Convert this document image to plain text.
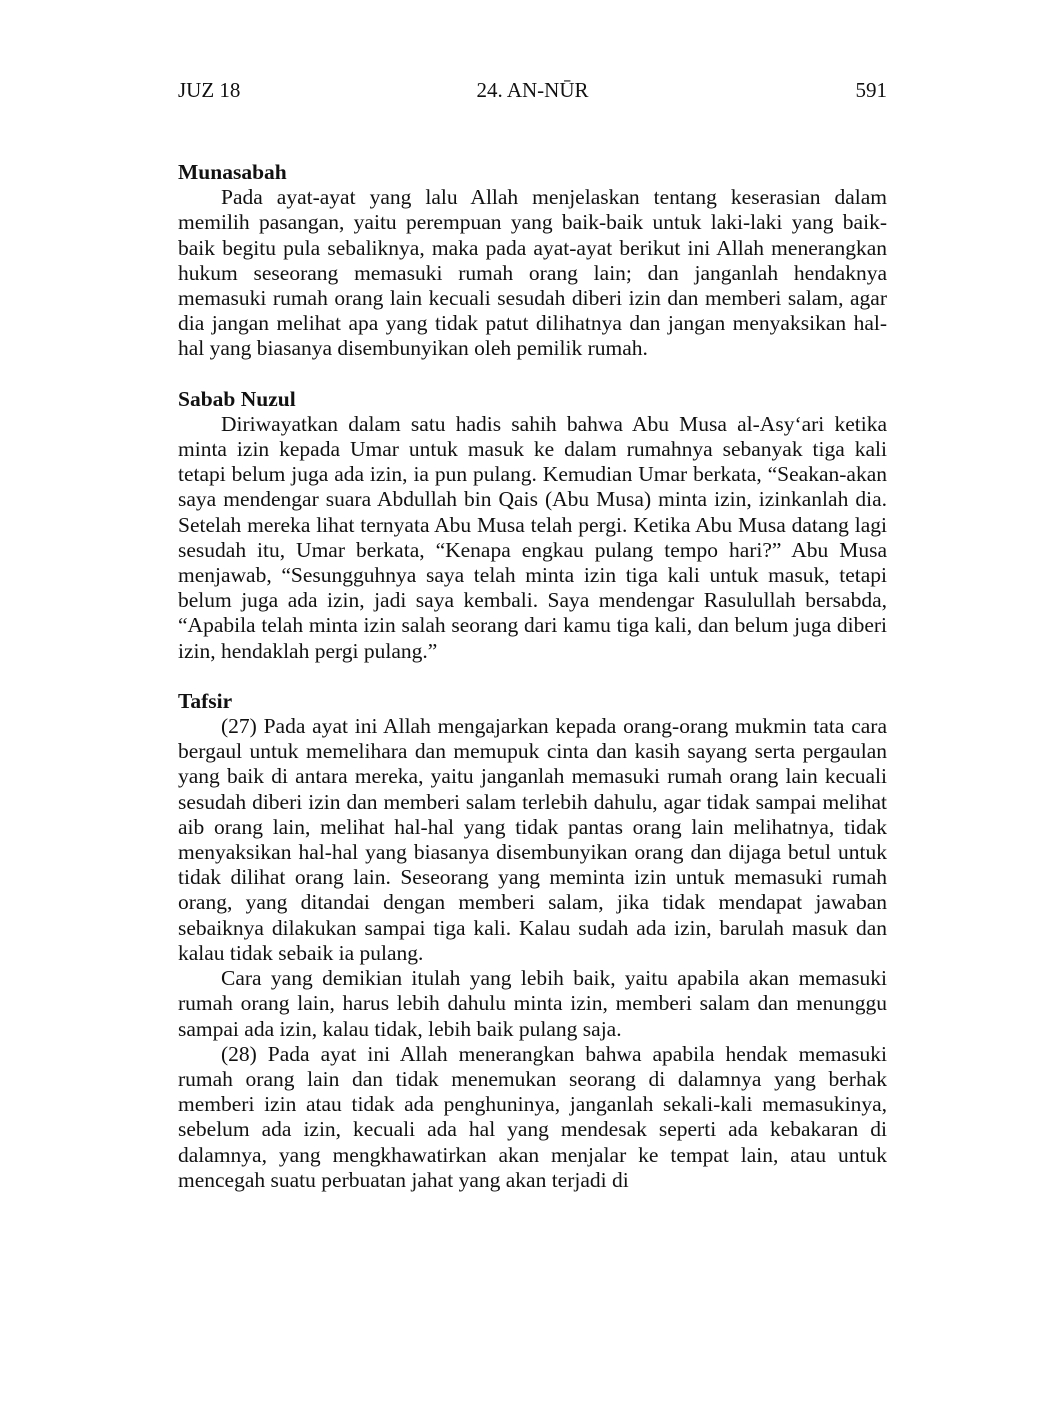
JUZ 18	24. AN-NŪR	591
Munasabah

Pada ayat-ayat yang lalu Allah menjelaskan tentang keserasian dalam memilih pasangan, yaitu perempuan yang baik-baik untuk laki-laki yang baik-baik begitu pula sebaliknya, maka pada ayat-ayat berikut ini Allah menerangkan hukum seseorang memasuki rumah orang lain; dan janganlah hendaknya memasuki rumah orang lain kecuali sesudah diberi izin dan memberi salam, agar dia jangan melihat apa yang tidak patut dilihatnya dan jangan menyaksikan hal-hal yang biasanya disembunyikan oleh pemilik rumah.

Sabab Nuzul

Diriwayatkan dalam satu hadis sahih bahwa Abu Musa al-Asy‘ari ketika minta izin kepada Umar untuk masuk ke dalam rumahnya sebanyak tiga kali tetapi belum juga ada izin, ia pun pulang. Kemudian Umar berkata, “Seakan-akan saya mendengar suara Abdullah bin Qais (Abu Musa) minta izin, izinkanlah dia. Setelah mereka lihat ternyata Abu Musa telah pergi. Ketika Abu Musa datang lagi sesudah itu, Umar berkata, “Kenapa engkau pulang tempo hari?” Abu Musa menjawab, “Sesungguhnya saya telah minta izin tiga kali untuk masuk, tetapi belum juga ada izin, jadi saya kembali. Saya mendengar Rasulullah bersabda, “Apabila telah minta izin salah seorang dari kamu tiga kali, dan belum juga diberi izin, hendaklah pergi pulang.”

Tafsir

(27) Pada ayat ini Allah mengajarkan kepada orang-orang mukmin tata cara bergaul untuk memelihara dan memupuk cinta dan kasih sayang serta pergaulan yang baik di antara mereka, yaitu janganlah memasuki rumah orang lain kecuali sesudah diberi izin dan memberi salam terlebih dahulu, agar tidak sampai melihat aib orang lain, melihat hal-hal yang tidak pantas orang lain melihatnya, tidak menyaksikan hal-hal yang biasanya disembunyikan orang dan dijaga betul untuk tidak dilihat orang lain. Seseorang yang meminta izin untuk memasuki rumah orang, yang ditandai dengan memberi salam, jika tidak mendapat jawaban sebaiknya dilakukan sampai tiga kali. Kalau sudah ada izin, barulah masuk dan kalau tidak sebaik ia pulang.

Cara yang demikian itulah yang lebih baik, yaitu apabila akan memasuki rumah orang lain, harus lebih dahulu minta izin, memberi salam dan menunggu sampai ada izin, kalau tidak, lebih baik pulang saja.

(28) Pada ayat ini Allah menerangkan bahwa apabila hendak memasuki rumah orang lain dan tidak menemukan seorang di dalamnya yang berhak memberi izin atau tidak ada penghuninya, janganlah sekali-kali memasukinya, sebelum ada izin, kecuali ada hal yang mendesak seperti ada kebakaran di dalamnya, yang mengkhawatirkan akan menjalar ke tempat lain, atau untuk mencegah suatu perbuatan jahat yang akan terjadi di
